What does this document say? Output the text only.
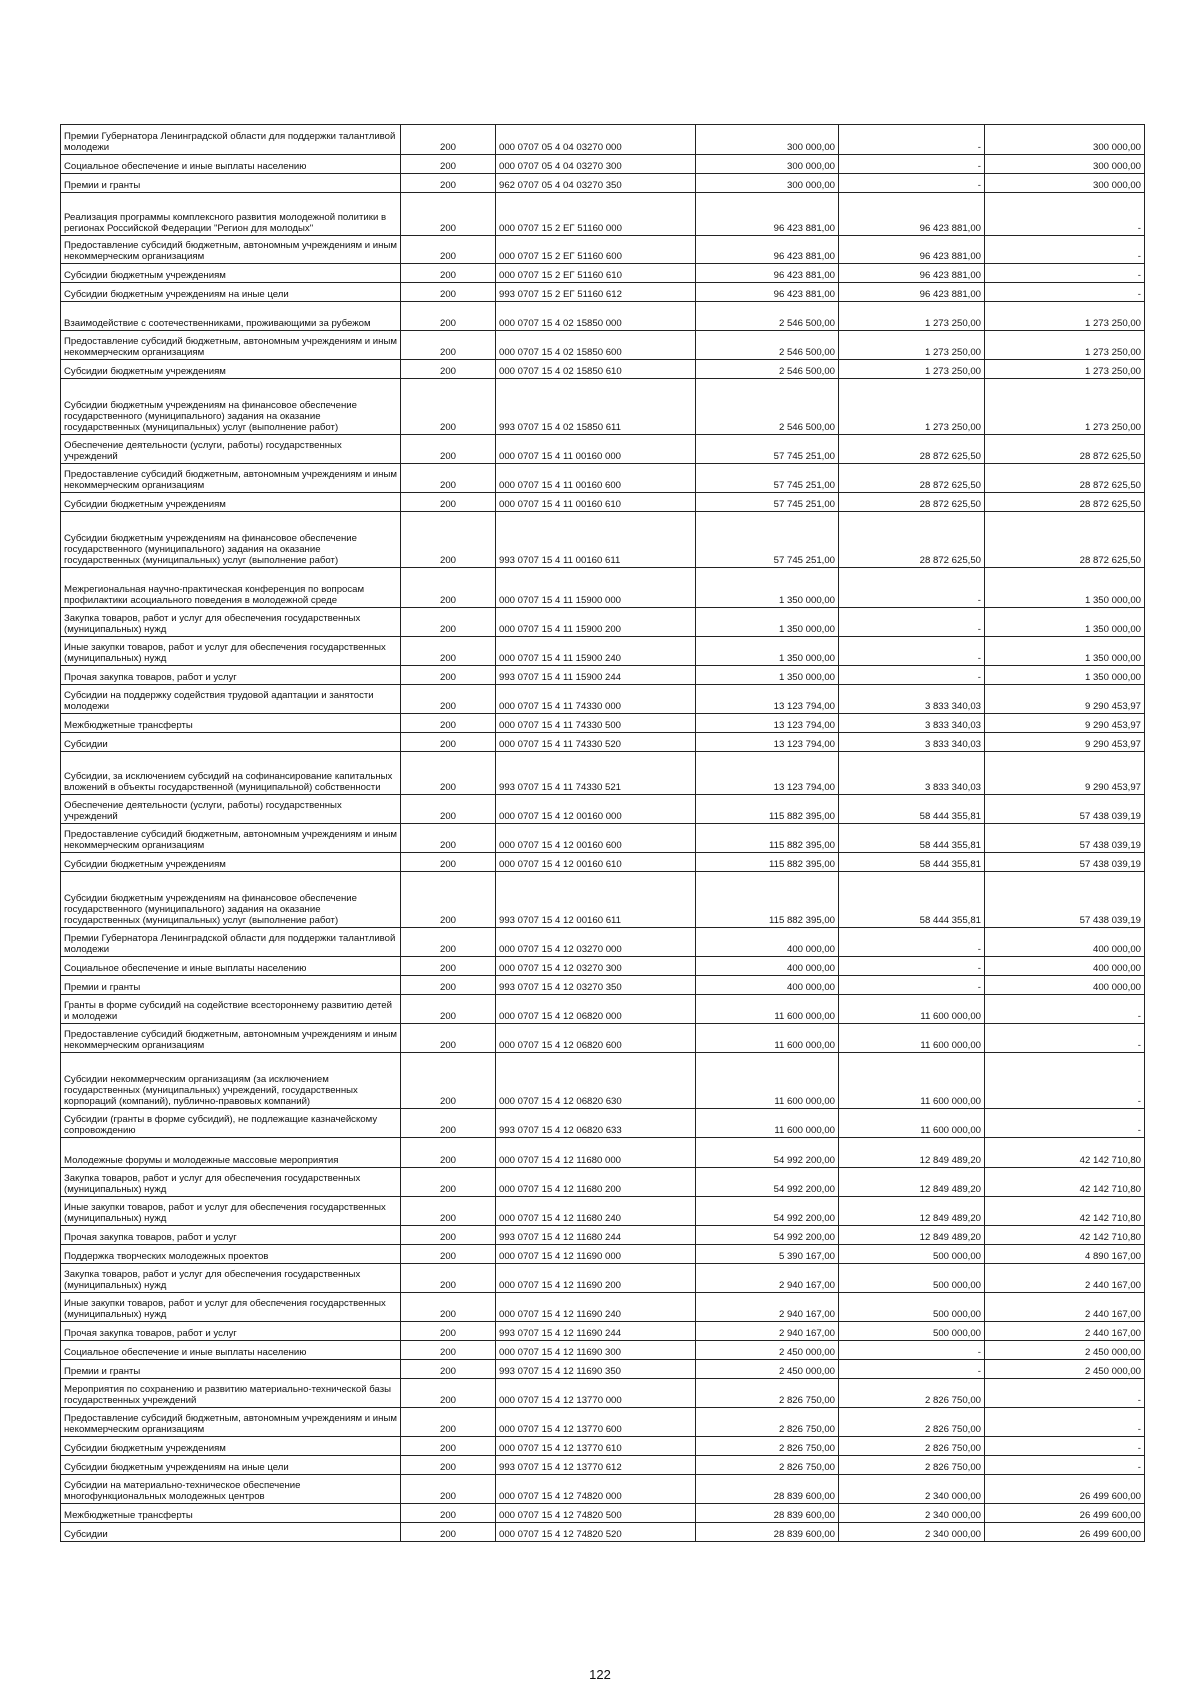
Премии Губернатора Ленинградской области для поддержки талантливой молодежи	200	000 0707 05 4 04 03270 000	300 000,00	-	300 000,00
Социальное обеспечение и иные выплаты населению	200	000 0707 05 4 04 03270 300	300 000,00	-	300 000,00
Премии и гранты	200	962 0707 05 4 04 03270 350	300 000,00	-	300 000,00
Реализация программы комплексного развития молодежной политики в регионах Российской Федерации "Регион для молодых"	200	000 0707 15 2 ЕГ 51160 000	96 423 881,00	96 423 881,00	-
Предоставление субсидий бюджетным, автономным учреждениям и иным некоммерческим организациям	200	000 0707 15 2 ЕГ 51160 600	96 423 881,00	96 423 881,00	-
Субсидии бюджетным учреждениям	200	000 0707 15 2 ЕГ 51160 610	96 423 881,00	96 423 881,00	-
Субсидии бюджетным учреждениям на иные цели	200	993 0707 15 2 ЕГ 51160 612	96 423 881,00	96 423 881,00	-
Взаимодействие с соотечественниками, проживающими за рубежом	200	000 0707 15 4 02 15850 000	2 546 500,00	1 273 250,00	1 273 250,00
Предоставление субсидий бюджетным, автономным учреждениям и иным некоммерческим организациям	200	000 0707 15 4 02 15850 600	2 546 500,00	1 273 250,00	1 273 250,00
Субсидии бюджетным учреждениям	200	000 0707 15 4 02 15850 610	2 546 500,00	1 273 250,00	1 273 250,00
Субсидии бюджетным учреждениям на финансовое обеспечение государственного (муниципального) задания на оказание государственных (муниципальных) услуг (выполнение работ)	200	993 0707 15 4 02 15850 611	2 546 500,00	1 273 250,00	1 273 250,00
Обеспечение деятельности (услуги, работы) государственных учреждений	200	000 0707 15 4 11 00160 000	57 745 251,00	28 872 625,50	28 872 625,50
Предоставление субсидий бюджетным, автономным учреждениям и иным некоммерческим организациям	200	000 0707 15 4 11 00160 600	57 745 251,00	28 872 625,50	28 872 625,50
Субсидии бюджетным учреждениям	200	000 0707 15 4 11 00160 610	57 745 251,00	28 872 625,50	28 872 625,50
Субсидии бюджетным учреждениям на финансовое обеспечение государственного (муниципального) задания на оказание государственных (муниципальных) услуг (выполнение работ)	200	993 0707 15 4 11 00160 611	57 745 251,00	28 872 625,50	28 872 625,50
Межрегиональная научно-практическая конференция по вопросам профилактики асоциального поведения в молодежной среде	200	000 0707 15 4 11 15900 000	1 350 000,00	-	1 350 000,00
Закупка товаров, работ и услуг для обеспечения государственных (муниципальных) нужд	200	000 0707 15 4 11 15900 200	1 350 000,00	-	1 350 000,00
Иные закупки товаров, работ и услуг для обеспечения государственных (муниципальных) нужд	200	000 0707 15 4 11 15900 240	1 350 000,00	-	1 350 000,00
Прочая закупка товаров, работ и услуг	200	993 0707 15 4 11 15900 244	1 350 000,00	-	1 350 000,00
Субсидии на поддержку содействия трудовой адаптации и занятости молодежи	200	000 0707 15 4 11 74330 000	13 123 794,00	3 833 340,03	9 290 453,97
Межбюджетные трансферты	200	000 0707 15 4 11 74330 500	13 123 794,00	3 833 340,03	9 290 453,97
Субсидии	200	000 0707 15 4 11 74330 520	13 123 794,00	3 833 340,03	9 290 453,97
Субсидии, за исключением субсидий на софинансирование капитальных вложений в объекты государственной (муниципальной) собственности	200	993 0707 15 4 11 74330 521	13 123 794,00	3 833 340,03	9 290 453,97
Обеспечение деятельности (услуги, работы) государственных учреждений	200	000 0707 15 4 12 00160 000	115 882 395,00	58 444 355,81	57 438 039,19
Предоставление субсидий бюджетным, автономным учреждениям и иным некоммерческим организациям	200	000 0707 15 4 12 00160 600	115 882 395,00	58 444 355,81	57 438 039,19
Субсидии бюджетным учреждениям	200	000 0707 15 4 12 00160 610	115 882 395,00	58 444 355,81	57 438 039,19
Субсидии бюджетным учреждениям на финансовое обеспечение государственного (муниципального) задания на оказание государственных (муниципальных) услуг (выполнение работ)	200	993 0707 15 4 12 00160 611	115 882 395,00	58 444 355,81	57 438 039,19
Премии Губернатора Ленинградской области для поддержки талантливой молодежи	200	000 0707 15 4 12 03270 000	400 000,00	-	400 000,00
Социальное обеспечение и иные выплаты населению	200	000 0707 15 4 12 03270 300	400 000,00	-	400 000,00
Премии и гранты	200	993 0707 15 4 12 03270 350	400 000,00	-	400 000,00
Гранты в форме субсидий на содействие всестороннему развитию детей и молодежи	200	000 0707 15 4 12 06820 000	11 600 000,00	11 600 000,00	-
Предоставление субсидий бюджетным, автономным учреждениям и иным некоммерческим организациям	200	000 0707 15 4 12 06820 600	11 600 000,00	11 600 000,00	-
Субсидии некоммерческим организациям (за исключением государственных (муниципальных) учреждений, государственных корпораций (компаний), публично-правовых компаний)	200	000 0707 15 4 12 06820 630	11 600 000,00	11 600 000,00	-
Субсидии (гранты в форме субсидий), не подлежащие казначейскому сопровождению	200	993 0707 15 4 12 06820 633	11 600 000,00	11 600 000,00	-
Молодежные форумы и молодежные массовые мероприятия	200	000 0707 15 4 12 11680 000	54 992 200,00	12 849 489,20	42 142 710,80
Закупка товаров, работ и услуг для обеспечения государственных (муниципальных) нужд	200	000 0707 15 4 12 11680 200	54 992 200,00	12 849 489,20	42 142 710,80
Иные закупки товаров, работ и услуг для обеспечения государственных (муниципальных) нужд	200	000 0707 15 4 12 11680 240	54 992 200,00	12 849 489,20	42 142 710,80
Прочая закупка товаров, работ и услуг	200	993 0707 15 4 12 11680 244	54 992 200,00	12 849 489,20	42 142 710,80
Поддержка творческих молодежных проектов	200	000 0707 15 4 12 11690 000	5 390 167,00	500 000,00	4 890 167,00
Закупка товаров, работ и услуг для обеспечения государственных (муниципальных) нужд	200	000 0707 15 4 12 11690 200	2 940 167,00	500 000,00	2 440 167,00
Иные закупки товаров, работ и услуг для обеспечения государственных (муниципальных) нужд	200	000 0707 15 4 12 11690 240	2 940 167,00	500 000,00	2 440 167,00
Прочая закупка товаров, работ и услуг	200	993 0707 15 4 12 11690 244	2 940 167,00	500 000,00	2 440 167,00
Социальное обеспечение и иные выплаты населению	200	000 0707 15 4 12 11690 300	2 450 000,00	-	2 450 000,00
Премии и гранты	200	993 0707 15 4 12 11690 350	2 450 000,00	-	2 450 000,00
Мероприятия по сохранению и развитию материально-технической базы государственных учреждений	200	000 0707 15 4 12 13770 000	2 826 750,00	2 826 750,00	-
Предоставление субсидий бюджетным, автономным учреждениям и иным некоммерческим организациям	200	000 0707 15 4 12 13770 600	2 826 750,00	2 826 750,00	-
Субсидии бюджетным учреждениям	200	000 0707 15 4 12 13770 610	2 826 750,00	2 826 750,00	-
Субсидии бюджетным учреждениям на иные цели	200	993 0707 15 4 12 13770 612	2 826 750,00	2 826 750,00	-
Субсидии на материально-техническое обеспечение многофункциональных молодежных центров	200	000 0707 15 4 12 74820 000	28 839 600,00	2 340 000,00	26 499 600,00
Межбюджетные трансферты	200	000 0707 15 4 12 74820 500	28 839 600,00	2 340 000,00	26 499 600,00
Субсидии	200	000 0707 15 4 12 74820 520	28 839 600,00	2 340 000,00	26 499 600,00
122
